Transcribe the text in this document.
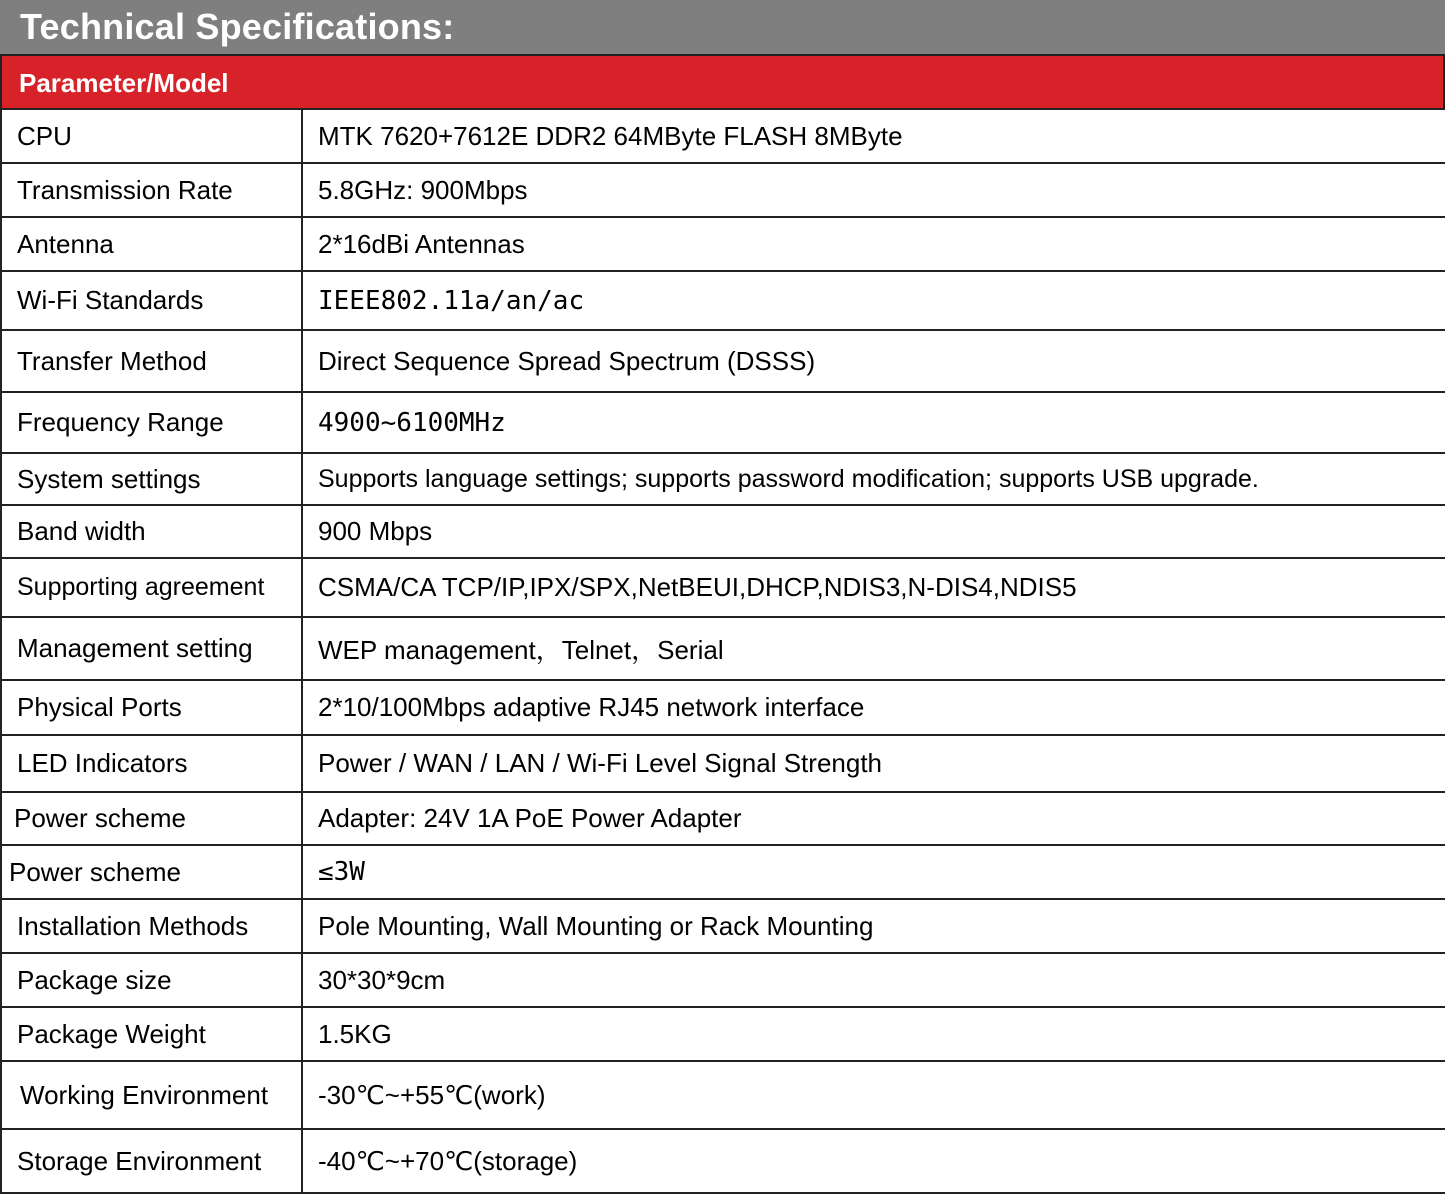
Technical Specifications:
Parameter/Model
CPU	MTK 7620+7612E DDR2 64MByte FLASH 8MByte
Transmission Rate	5.8GHz: 900Mbps
Antenna	2*16dBi Antennas
Wi-Fi Standards	IEEE802.11a/an/ac
Transfer Method	Direct Sequence Spread Spectrum (DSSS)
Frequency Range	4900~6100MHz
System settings	Supports language settings; supports password modification; supports USB upgrade.
Band width	900 Mbps
Supporting agreement	CSMA/CA TCP/IP,IPX/SPX,NetBEUI,DHCP,NDIS3,N-DIS4,NDIS5
Management setting	WEP management，Telnet，Serial
Physical Ports	2*10/100Mbps adaptive RJ45 network interface
LED Indicators	Power / WAN / LAN / Wi-Fi Level Signal Strength
Power scheme	Adapter: 24V 1A PoE Power Adapter
Power scheme	≤3W
Installation Methods	Pole Mounting, Wall Mounting or Rack Mounting
Package size	30*30*9cm
Package Weight	1.5KG
Working Environment	-30℃~+55℃(work)
Storage Environment	-40℃~+70℃(storage)
